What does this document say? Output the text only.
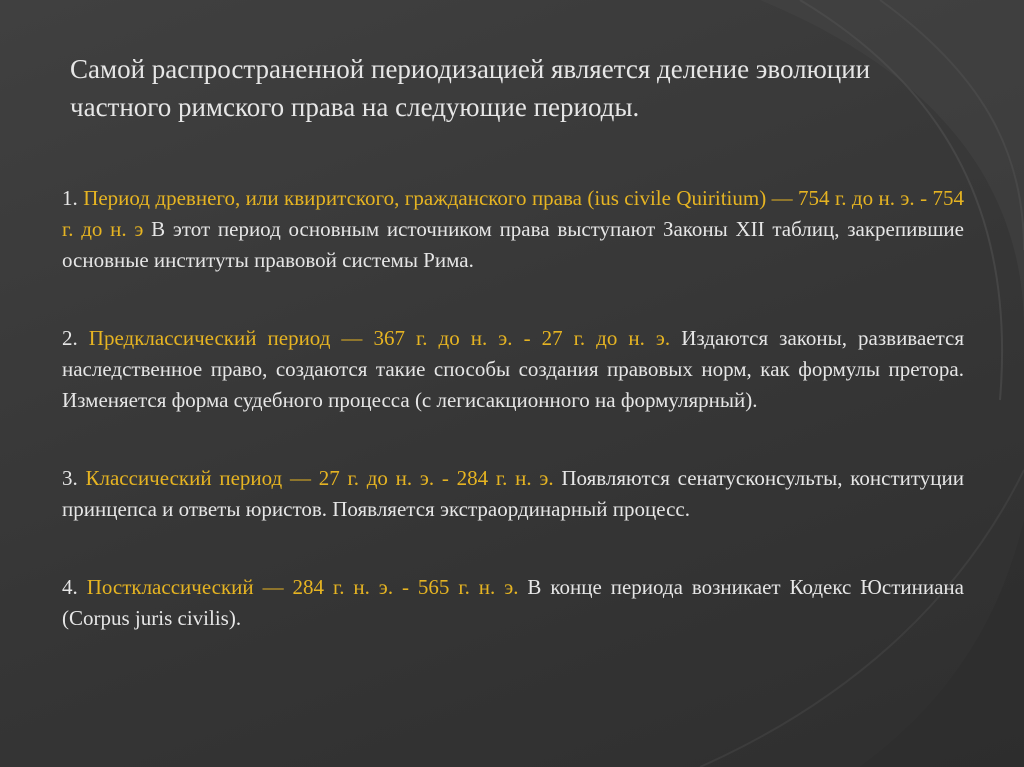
Самой распространенной периодизацией является деление эволюции частного римского права на следующие периоды.

1. Период древнего, или квиритского, гражданского права (ius civile Quiritium) — 754 г. до н. э. - 754 г. до н. э В этот период основным источником права выступают Законы XII таблиц, закрепившие основные институты правовой системы Рима.

2. Предклассический период — 367 г. до н. э. - 27 г. до н. э. Издаются законы, развивается наследственное право, создаются такие способы создания правовых норм, как формулы претора. Изменяется форма судебного процесса (с легисакционного на формулярный).

3. Классический период — 27 г. до н. э. - 284 г. н. э. Появляются сенатусконсульты, конституции принцепса и ответы юристов. Появляется экстраординарный процесс.

4. Постклассический — 284 г. н. э. - 565 г. н. э. В конце периода возникает Кодекс Юстиниана (Corpus juris civilis).
